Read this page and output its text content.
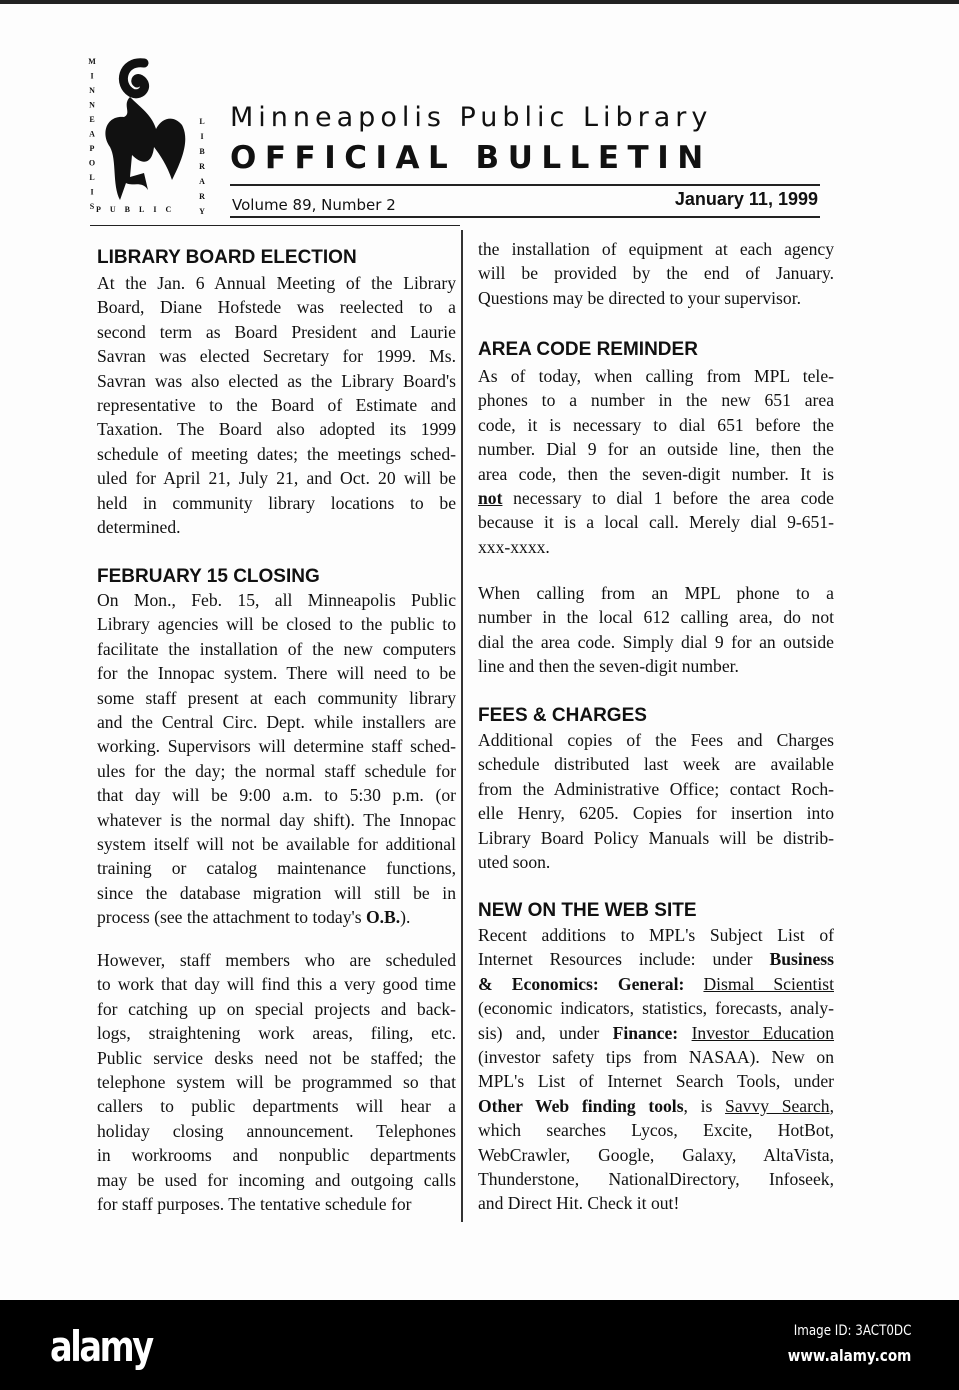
MINNEAPOLIS	LIBRARY
PUBLIC
Minneapolis Public Library
OFFICIAL BULLETIN
Volume 89, Number 2	January 11, 1999
LIBRARY BOARD ELECTION
At the Jan. 6 Annual Meeting of the Library
Board, Diane Hofstede was reelected to a
second term as Board President and Laurie
Savran was elected Secretary for 1999. Ms.
Savran was also elected as the Library Board's
representative to the Board of Estimate and
Taxation. The Board also adopted its 1999
schedule of meeting dates; the meetings sched-
uled for April 21, July 21, and Oct. 20 will be
held in community library locations to be
determined.
FEBRUARY 15 CLOSING
On Mon., Feb. 15, all Minneapolis Public
Library agencies will be closed to the public to
facilitate the installation of the new computers
for the Innopac system. There will need to be
some staff present at each community library
and the Central Circ. Dept. while installers are
working. Supervisors will determine staff sched-
ules for the day; the normal staff schedule for
that day will be 9:00 a.m. to 5:30 p.m. (or
whatever is the normal day shift). The Innopac
system itself will not be available for additional
training or catalog maintenance functions,
since the database migration will still be in
process (see the attachment to today's O.B.).
However, staff members who are scheduled
to work that day will find this a very good time
for catching up on special projects and back-
logs, straightening work areas, filing, etc.
Public service desks need not be staffed; the
telephone system will be programmed so that
callers to public departments will hear a
holiday closing announcement. Telephones
in workrooms and nonpublic departments
may be used for incoming and outgoing calls
for staff purposes. The tentative schedule for
the installation of equipment at each agency
will be provided by the end of January.
Questions may be directed to your supervisor.
AREA CODE REMINDER
As of today, when calling from MPL tele-
phones to a number in the new 651 area
code, it is necessary to dial 651 before the
number. Dial 9 for an outside line, then the
area code, then the seven-digit number. It is
not necessary to dial 1 before the area code
because it is a local call. Merely dial 9-651-
xxx-xxxx.
When calling from an MPL phone to a
number in the local 612 calling area, do not
dial the area code. Simply dial 9 for an outside
line and then the seven-digit number.
FEES & CHARGES
Additional copies of the Fees and Charges
schedule distributed last week are available
from the Administrative Office; contact Roch-
elle Henry, 6205. Copies for insertion into
Library Board Policy Manuals will be distrib-
uted soon.
NEW ON THE WEB SITE
Recent additions to MPL's Subject List of
Internet Resources include: under Business
& Economics: General: Dismal Scientist
(economic indicators, statistics, forecasts, analy-
sis) and, under Finance: Investor Education
(investor safety tips from NASAA). New on
MPL's List of Internet Search Tools, under
Other Web finding tools, is Savvy Search,
which searches Lycos, Excite, HotBot,
WebCrawler, Google, Galaxy, AltaVista,
Thunderstone, NationalDirectory, Infoseek,
and Direct Hit. Check it out!
alamy	Image ID: 3ACT0DC
www.alamy.com
